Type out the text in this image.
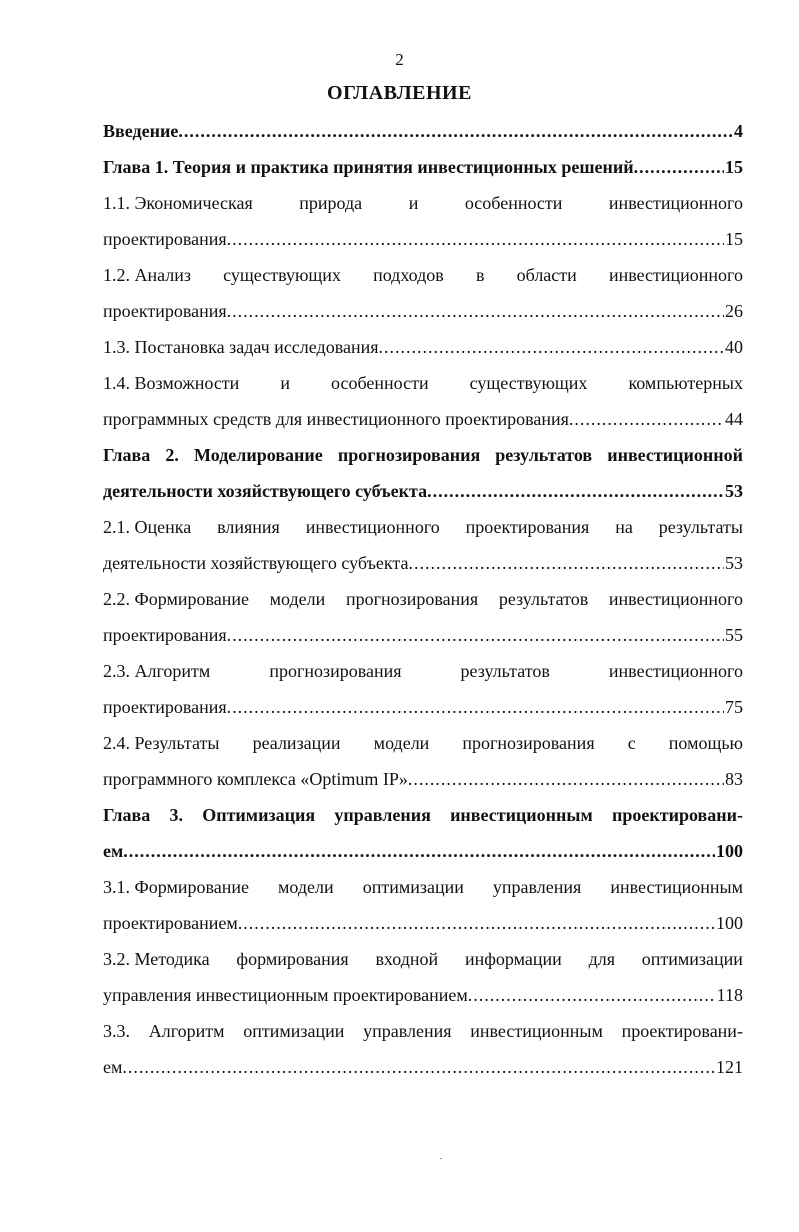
2
ОГЛАВЛЕНИЕ
Введение .....	4
Глава 1. Теория и практика принятия инвестиционных решений .....	15
1.1. Экономическая	природа	и	особенности	инвестиционного
проектирования .....	15
1.2. Анализ существующих подходов в области инвестиционного
проектирования .....	26
1.3. Постановка задач исследования .....	40
1.4. Возможности и особенности существующих компьютерных
программных средств для инвестиционного проектирования .....	44
Глава 2. Моделирование прогнозирования результатов инвестиционной
деятельности хозяйствующего субъекта .....	53
2.1. Оценка влияния инвестиционного проектирования на результаты
деятельности хозяйствующего субъекта .....	53
2.2. Формирование модели прогнозирования результатов инвестиционного
проектирования .....	55
2.3. Алгоритм	прогнозирования	результатов	инвестиционного
проектирования .....	75
2.4. Результаты реализации модели прогнозирования с помощью
программного комплекса «Optimum IP» .....	83
Глава 3. Оптимизация управления инвестиционным проектировани-
ем .....	100
3.1. Формирование модели оптимизации управления инвестиционным
проектированием .....	100
3.2. Методика формирования входной информации для оптимизации
управления инвестиционным проектированием .....	118
3.3. Алгоритм оптимизации управления инвестиционным проектировани-
ем .....	121
